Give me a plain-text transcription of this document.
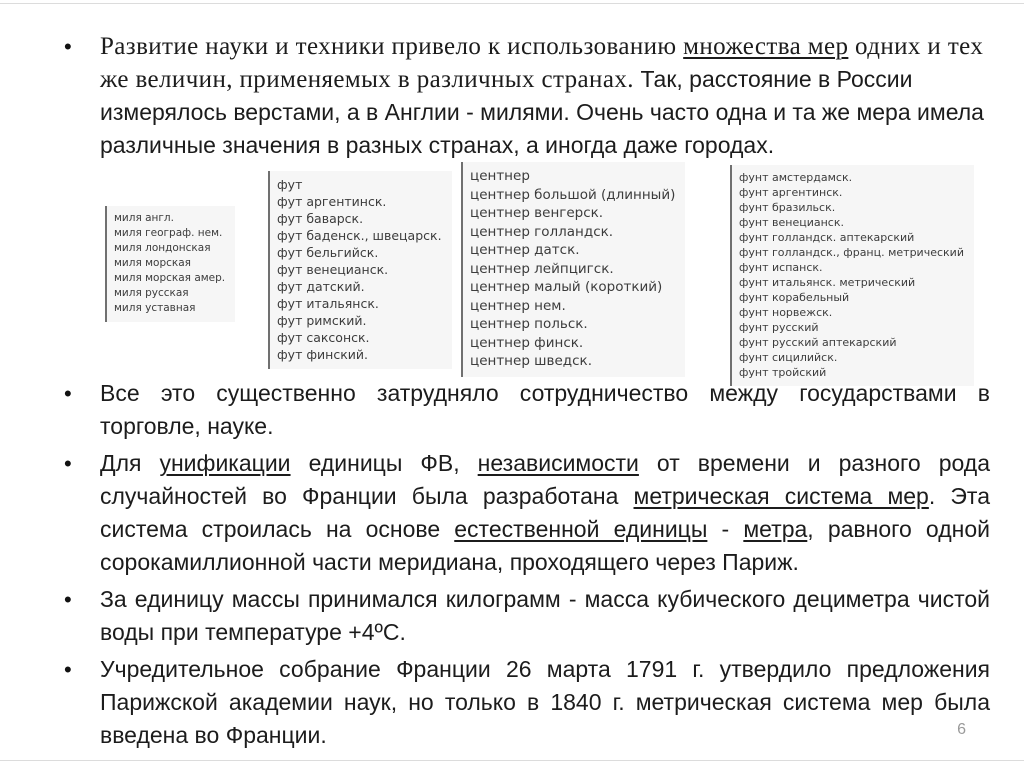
• Развитие науки и техники привело к использованию множества мер одних и тех же величин, применяемых в различных странах. Так, расстояние в России измерялось верстами, а в Англии - милями. Очень часто одна и та же мера имела различные значения в разных странах, а иногда даже городах.
миля англ.
миля географ. нем.
миля лондонская
миля морская
миля морская амер.
миля русская
миля уставная
фут
фут аргентинск.
фут баварск.
фут баденск., швецарск.
фут бельгийск.
фут венецианск.
фут датский.
фут итальянск.
фут римский.
фут саксонск.
фут финский.
центнер
центнер большой (длинный)
центнер венгерск.
центнер голландск.
центнер датск.
центнер лейпцигск.
центнер малый (короткий)
центнер нем.
центнер польск.
центнер финск.
центнер шведск.
фунт амстердамск.
фунт аргентинск.
фунт бразильск.
фунт венецианск.
фунт голландск. аптекарский
фунт голландск., франц. метрический
фунт испанск.
фунт итальянск. метрический
фунт корабельный
фунт норвежск.
фунт русский
фунт русский аптекарский
фунт сицилийск.
фунт тройский
• Все это существенно затрудняло сотрудничество между государствами в торговле, науке.
• Для унификации единицы ФВ, независимости от времени и разного рода случайностей во Франции была разработана метрическая система мер. Эта система строилась на основе естественной единицы - метра, равного одной сорокамиллионной части меридиана, проходящего через Париж.
• За единицу массы принимался килограмм - масса кубического дециметра чистой воды при температуре +4ºС.
• Учредительное собрание Франции 26 марта 1791 г. утвердило предложения Парижской академии наук, но только в 1840 г. метрическая система мер была введена во Франции.	6
